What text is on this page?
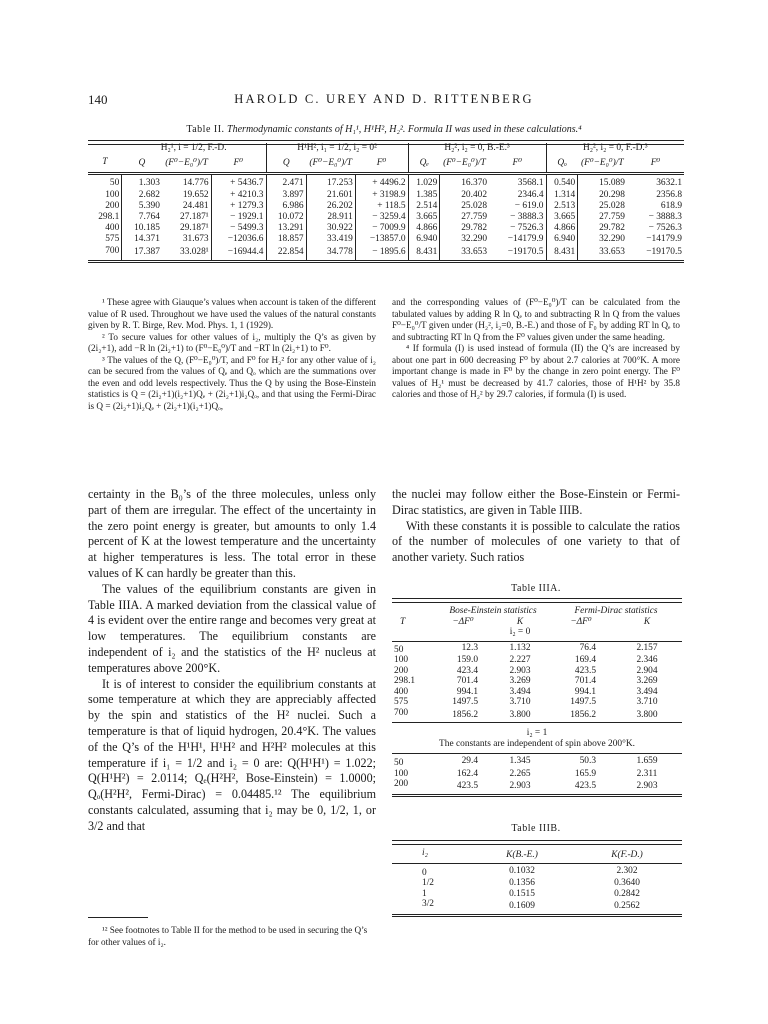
140	HAROLD C. UREY AND D. RITTENBERG
Table II. Thermodynamic constants of H₁¹, H¹H², H₂². Formula II was used in these calculations.⁴
	H₂¹, i = 1/2, F.-D.			H¹H², i₁ = 1/2, i₂ = 0²			H₂², i₂ = 0, B.-E.³			H₂², i₂ = 0, F.-D.³		
T	Q	(F⁰−E₀⁰)/T	F⁰	Q	(F⁰−E₀⁰)/T	F⁰	Qₑ	(F⁰−E₀⁰)/T	F⁰	Qₒ	(F⁰−E₀⁰)/T	F⁰
50	1.303	14.776	+ 5436.7	2.471	17.253	+ 4496.2	1.029	16.370	3568.1	0.540	15.089	3632.1
100	2.682	19.652	+ 4210.3	3.897	21.601	+ 3198.9	1.385	20.402	2346.4	1.314	20.298	2356.8
200	5.390	24.481	+ 1279.3	6.986	26.202	+ 118.5	2.514	25.028	− 619.0	2.513	25.028	618.9
298.1	7.764	27.187¹	− 1929.1	10.072	28.911	− 3259.4	3.665	27.759	− 3888.3	3.665	27.759	− 3888.3
400	10.185	29.187¹	− 5499.3	13.291	30.922	− 7009.9	4.866	29.782	− 7526.3	4.866	29.782	− 7526.3
575	14.371	31.673	−12036.6	18.857	33.419	−13857.0	6.940	32.290	−14179.9	6.940	32.290	−14179.9
700	17.387	33.028¹	−16944.4	22.854	34.778	− 1895.6	8.431	33.653	−19170.5	8.431	33.653	−19170.5

¹ These agree with Giauque’s values when account is taken of the different value of R used. Throughout we have used the values of the natural constants given by R. T. Birge, Rev. Mod. Phys. 1, 1 (1929).

² To secure values for other values of i₂, multiply the Q’s as given by (2i₂+1), add −R ln (2i₂+1) to (F⁰−E₀⁰)/T and −RT ln (2i₂+1) to F⁰.

³ The values of the Q, (F⁰−E₀⁰)/T, and F⁰ for H₂² for any other value of i₂ can be secured from the values of Qₑ and Qₒ which are the summations over the even and odd levels respectively. Thus the Q by using the Bose-Einstein statistics is Q = (2i₂+1)(i₂+1)Qₑ + (2i₂+1)i₂Qₒ, and that using the Fermi-Dirac is Q = (2i₂+1)i₂Qₑ + (2i₂+1)(i₂+1)Qₒ,

and the corresponding values of (F⁰−E₀⁰)/T can be calculated from the tabulated values by adding R ln Qₑ to and subtracting R ln Q from the values F⁰−E₀⁰/T given under (H₂², i₂=0, B.-E.) and those of F₀ by adding RT ln Qₑ to and subtracting RT ln Q from the F⁰ values given under the same heading.

⁴ If formula (I) is used instead of formula (II) the Q’s are increased by about one part in 600 decreasing F⁰ by about 2.7 calories at 700°K. A more important change is made in F⁰ by the change in zero point energy. The F⁰ values of H₂¹ must be decreased by 41.7 calories, those of H¹H² by 35.8 calories and those of H₂² by 29.7 calories, if formula (I) is used.

certainty in the B₀’s of the three molecules, unless only part of them are irregular. The effect of the uncertainty in the zero point energy is greater, but amounts to only 1.4 percent of K at the lowest temperature and the uncertainty at higher temperatures is less. The total error in these values of K can hardly be greater than this.

The values of the equilibrium constants are given in Table IIIA. A marked deviation from the classical value of 4 is evident over the entire range and becomes very great at low temperatures. The equilibrium constants are independent of i₂ and the statistics of the H² nucleus at temperatures above 200°K.

It is of interest to consider the equilibrium constants at some temperature at which they are appreciably affected by the spin and statistics of the H² nuclei. Such a temperature is that of liquid hydrogen, 20.4°K. The values of the Q’s of the H¹H¹, H¹H² and H²H² molecules at this temperature if i₁ = 1/2 and i₂ = 0 are: Q(H¹H¹) = 1.022; Q(H¹H²) = 2.0114; Qₑ(H²H², Bose-Einstein) = 1.0000; Qₒ(H²H², Fermi-Dirac) = 0.04485.¹² The equilibrium constants calculated, assuming that i₂ may be 0, 1/2, 1, or 3/2 and that

¹² See footnotes to Table II for the method to be used in securing the Q’s for other values of i₂.

the nuclei may follow either the Bose-Einstein or Fermi-Dirac statistics, are given in Table IIIB.

With these constants it is possible to calculate the ratios of the number of molecules of one variety to that of another variety. Such ratios

Table IIIA.
	Bose-Einstein statistics		Fermi-Dirac statistics	
T	−ΔF⁰	K	−ΔF⁰	K
		i₂ = 0		
50	12.3	1.132	76.4	2.157
100	159.0	2.227	169.4	2.346
200	423.4	2.903	423.5	2.904
298.1	701.4	3.269	701.4	3.269
400	994.1	3.494	994.1	3.494
575	1497.5	3.710	1497.5	3.710
700	1856.2	3.800	1856.2	3.800
i₂ = 1				
The constants are independent of spin above 200°K.				
50	29.4	1.345	50.3	1.659
100	162.4	2.265	165.9	2.311
200	423.5	2.903	423.5	2.903
Table IIIB.
i₂	K(B.-E.)	K(F.-D.)
0	0.1032	2.302
1/2	0.1356	0.3640
1	0.1515	0.2842
3/2	0.1609	0.2562
